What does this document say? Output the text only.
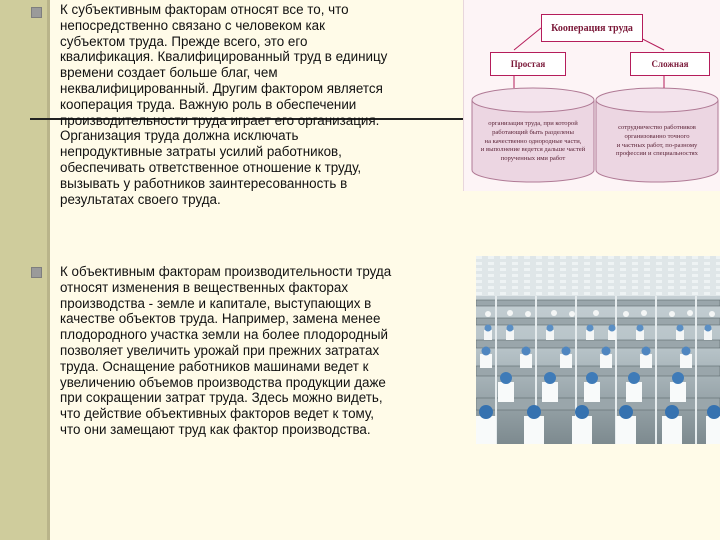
К субъективным факторам относят все то, что
непосредственно связано с человеком как
субъектом труда. Прежде всего, это его
квалификация. Квалифицированный труд в единицу
времени создает больше благ, чем
неквалифицированный. Другим фактором является
кооперация труда. Важную роль в обеспечении
производительности труда играет его организация.
Организация труда должна исключать
непродуктивные затраты усилий работников,
обеспечивать ответственное отношение к труду,
вызывать у работников заинтересованность в
результатах своего труда.
К объективным факторам производительности труда
относят изменения в вещественных факторах
производства - земле и капитале, выступающих в
качестве объектов труда. Например, замена менее
плодородного участка земли на более плодородный
позволяет увеличить урожай при прежних затратах
труда. Оснащение работников машинами ведет к
увеличению объемов производства продукции даже
при сокращении затрат труда. Здесь можно видеть,
что действие объективных факторов ведет к тому,
что они замещают труд как фактор производства.
Кооперация труда
Простая	Сложная
организация труда, при которой
работающий быть разделены
на качественно однородные части,
и выполнение ведется дальше частей
порученных ими работ
сотрудничество работников
организованно точного
и частных работ, по-разному
профессии и специальностях
